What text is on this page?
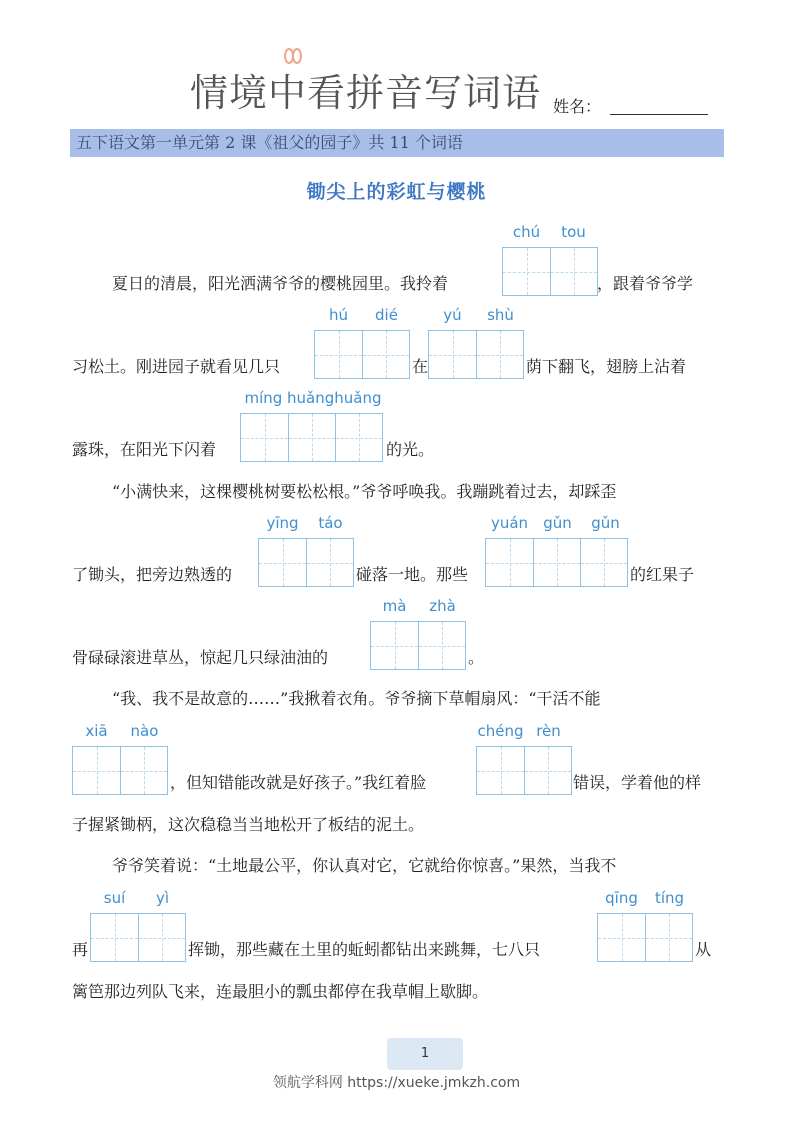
情境中看拼音写词语 姓名：
五下语文第一单元第 2 课《祖父的园子》共 11 个词语
锄尖上的彩虹与樱桃
chú	tou
夏日的清晨，阳光洒满爷爷的樱桃园里。我拎着	，跟着爷爷学
hú	dié	yú	shù
习松土。刚进园子就看见几只	在	荫下翻飞，翅膀上沾着
míng huǎnghuǎng
露珠，在阳光下闪着	的光。
“小满快来，这棵樱桃树要松松根。”爷爷呼唤我。我蹦跳着过去，却踩歪
yīng	táo	yuán	gǔn	gǔn
了锄头，把旁边熟透的	碰落一地。那些	的红果子
mà	zhà
骨碌碌滚进草丛，惊起几只绿油油的	。
“我、我不是故意的……”我揪着衣角。爷爷摘下草帽扇风：“干活不能
xiā	nào	chéng rèn
，但知错能改就是好孩子。”我红着脸	错误，学着他的样
子握紧锄柄，这次稳稳当当地松开了板结的泥土。
爷爷笑着说：“土地最公平，你认真对它，它就给你惊喜。”果然，当我不
suí	yì	qīng	tíng
再	挥锄，那些藏在土里的蚯蚓都钻出来跳舞，七八只	从
篱笆那边列队飞来，连最胆小的瓢虫都停在我草帽上歇脚。
1
领航学科网 https://xueke.jmkzh.com
